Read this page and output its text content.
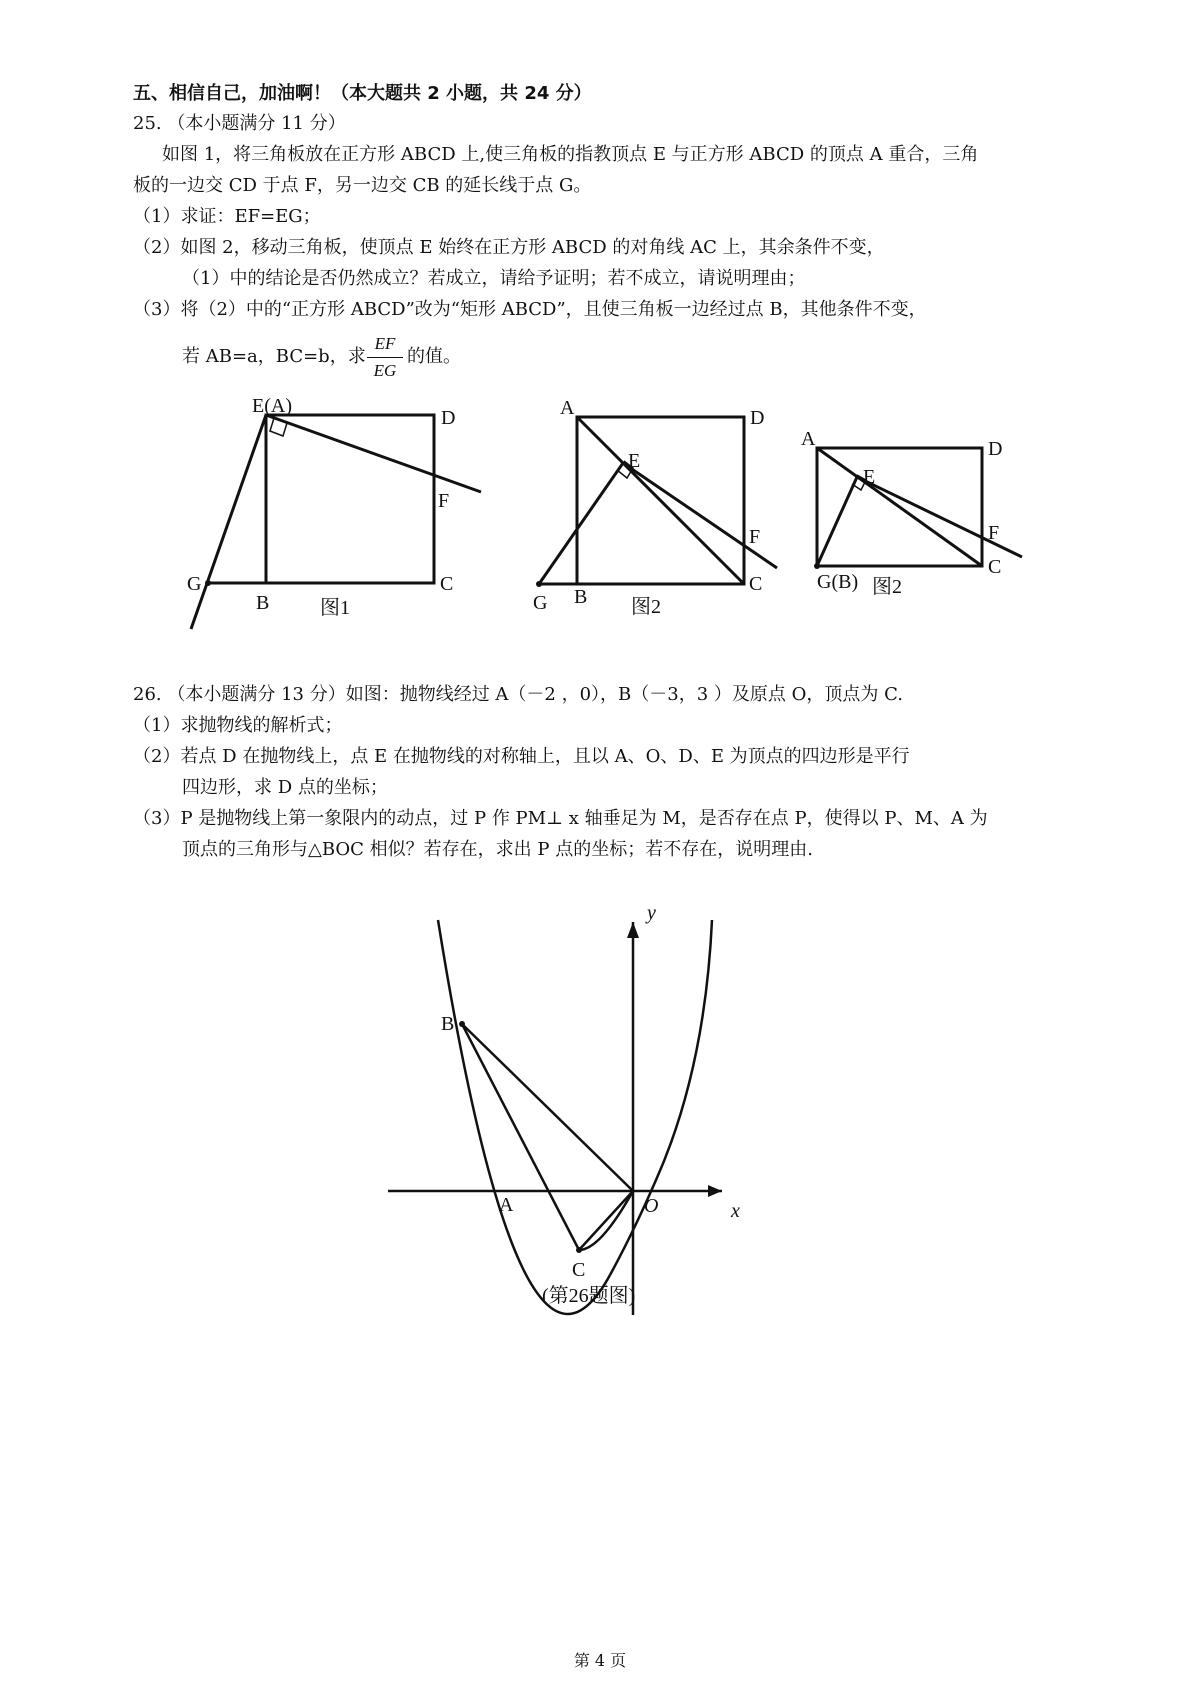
五、相信自己，加油啊！（本大题共 2 小题，共 24 分）
25. （本小题满分 11 分）
如图 1，将三角板放在正方形 ABCD 上,使三角板的指教顶点 E 与正方形 ABCD 的顶点 A 重合，三角
板的一边交 CD 于点 F，另一边交 CB 的延长线于点 G。
（1）求证：EF=EG；
（2）如图 2，移动三角板，使顶点 E 始终在正方形 ABCD 的对角线 AC 上，其余条件不变，
（1）中的结论是否仍然成立？若成立，请给予证明；若不成立，请说明理由；
（3）将（2）中的“正方形 ABCD”改为“矩形 ABCD”，且使三角板一边经过点 B，其他条件不变，
若 AB=a，BC=b，求
EF
EG
的值。
E(A)
D
F
G
B
C
图1
A	D
E
F
G B
C
图2
A	D
E
F
G(B)
C
图2
26. （本小题满分 13 分）如图：抛物线经过 A（－2 ，0），B（－3，3 ）及原点 O，顶点为 C.
（1）求抛物线的解析式；
（2）若点 D 在抛物线上，点 E 在抛物线的对称轴上，且以 A、O、D、E 为顶点的四边形是平行
四边形，求 D 点的坐标；
（3）P 是抛物线上第一象限内的动点，过 P 作 PM⊥ x 轴垂足为 M，是否存在点 P，使得以 P、M、A 为
顶点的三角形与△BOC 相似？若存在，求出 P 点的坐标；若不存在，说明理由.
y
x
B
A	O
C
(第26题图)
第 4 页
